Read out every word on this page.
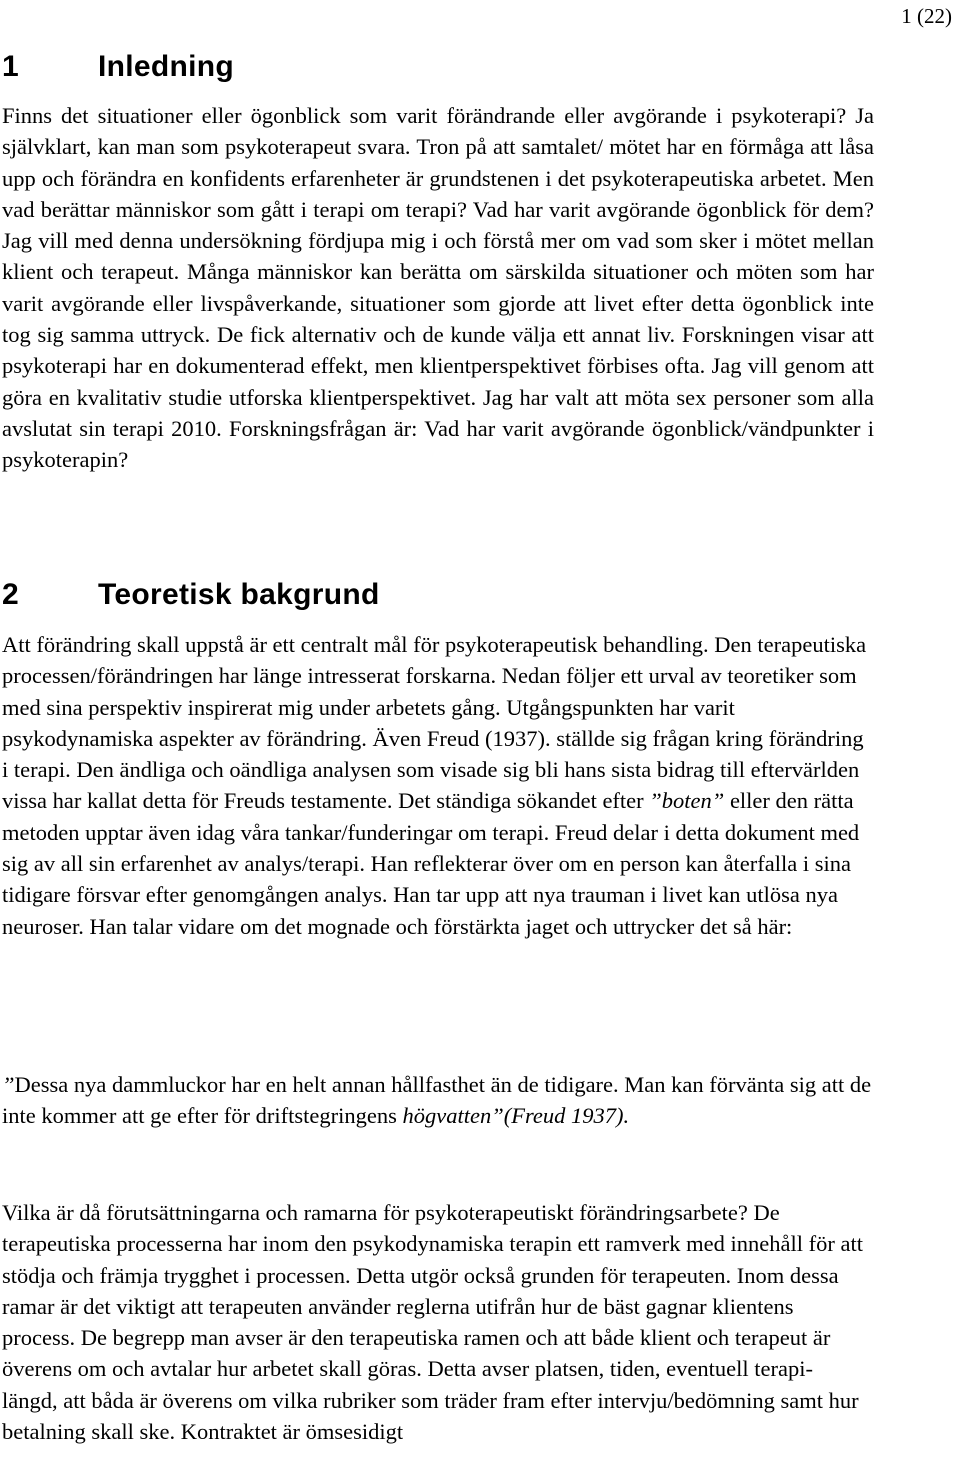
1 (22)
1	Inledning

Finns det situationer eller ögonblick som varit förändrande eller avgörande i psykoterapi? Ja självklart, kan man som psykoterapeut svara. Tron på att samtalet/ mötet har en förmåga att låsa upp och förändra en konfidents erfarenheter är grundstenen i det psykoterapeutiska arbetet. Men vad berättar människor som gått i terapi om terapi? Vad har varit avgörande ögonblick för dem? Jag vill med denna undersökning fördjupa mig i och förstå mer om vad som sker i mötet mellan klient och terapeut. Många människor kan berätta om särskilda situationer och möten som har varit avgörande eller livspåverkande, situationer som gjorde att livet efter detta ögonblick inte tog sig samma uttryck. De fick alternativ och de kunde välja ett annat liv. Forskningen visar att psykoterapi har en dokumenterad effekt, men klientperspektivet förbises ofta. Jag vill genom att göra en kvalitativ studie utforska klientperspektivet. Jag har valt att möta sex personer som alla avslutat sin terapi 2010. Forskningsfrågan är: Vad har varit avgörande ögonblick/vändpunkter i psykoterapin?

2	Teoretisk bakgrund

Att förändring skall uppstå är ett centralt mål för psykoterapeutisk behandling. Den terapeutiska processen/förändringen har länge intresserat forskarna. Nedan följer ett urval av teoretiker som med sina perspektiv inspirerat mig under arbetets gång. Utgångspunkten har varit psykodynamiska aspekter av förändring. Även Freud (1937). ställde sig frågan kring förändring i terapi. Den ändliga och oändliga analysen som visade sig bli hans sista bidrag till eftervärlden vissa har kallat detta för Freuds testamente. Det ständiga sökandet efter ”boten” eller den rätta metoden upptar även idag våra tankar/funderingar om terapi. Freud delar i detta dokument med sig av all sin erfarenhet av analys/terapi. Han reflekterar över om en person kan återfalla i sina tidigare försvar efter genomgången analys. Han tar upp att nya trauman i livet kan utlösa nya neuroser. Han talar vidare om det mognade och förstärkta jaget och uttrycker det så här:

”Dessa nya dammluckor har en helt annan hållfasthet än de tidigare. Man kan förvänta sig att de inte kommer att ge efter för driftstegringens högvatten”(Freud 1937).

Vilka är då förutsättningarna och ramarna för psykoterapeutiskt förändringsarbete? De terapeutiska processerna har inom den psykodynamiska terapin ett ramverk med innehåll för att stödja och främja trygghet i processen. Detta utgör också grunden för terapeuten. Inom dessa ramar är det viktigt att terapeuten använder reglerna utifrån hur de bäst gagnar klientens process. De begrepp man avser är den terapeutiska ramen och att både klient och terapeut är överens om och avtalar hur arbetet skall göras. Detta avser platsen, tiden, eventuell terapi- längd, att båda är överens om vilka rubriker som träder fram efter intervju/bedömning samt hur betalning skall ske. Kontraktet är ömsesidigt
